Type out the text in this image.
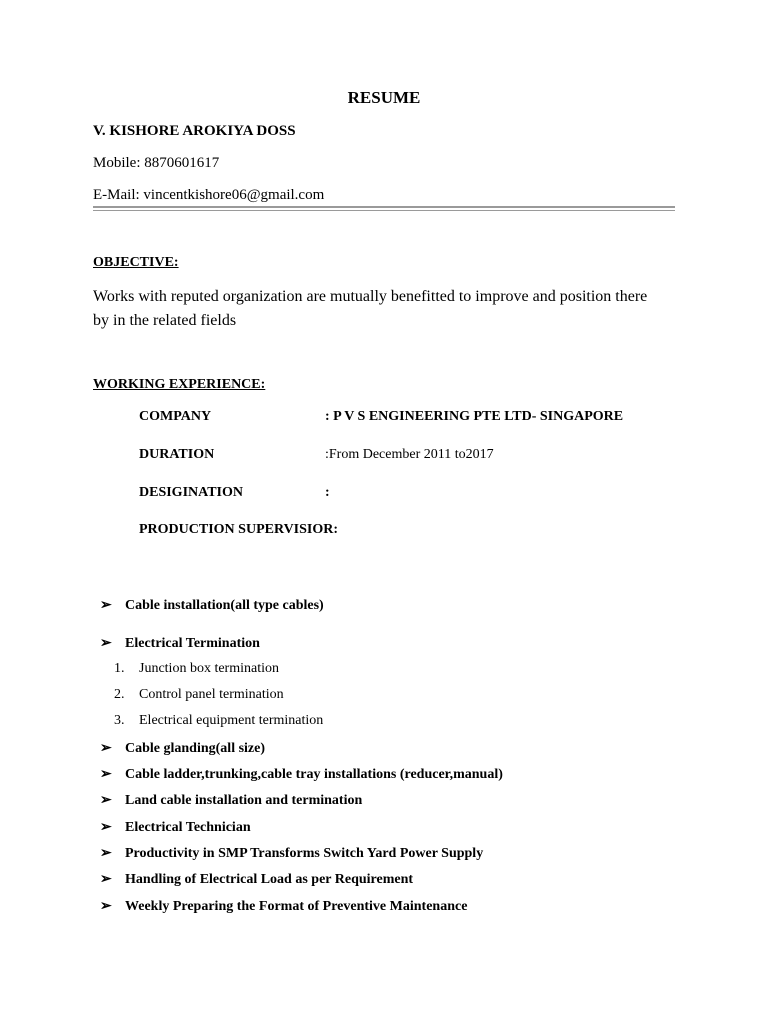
RESUME
V. KISHORE AROKIYA DOSS
Mobile: 8870601617
E-Mail: vincentkishore06@gmail.com
OBJECTIVE:
Works with reputed organization are mutually benefitted to improve and position there by in the related fields
WORKING EXPERIENCE:
COMPANY	: P V S ENGINEERING PTE LTD- SINGAPORE
DURATION	:From December 2011 to2017
DESIGINATION	:
PRODUCTION SUPERVISIOR:
➢ Cable installation(all type cables)
➢ Electrical Termination
1. Junction box termination
2. Control panel termination
3. Electrical equipment termination
➢ Cable glanding(all size)
➢ Cable ladder,trunking,cable tray installations (reducer,manual)
➢ Land cable installation and termination
➢ Electrical Technician
➢ Productivity in SMP Transforms Switch Yard Power Supply
➢ Handling of Electrical Load as per Requirement
➢ Weekly Preparing the Format of Preventive Maintenance
